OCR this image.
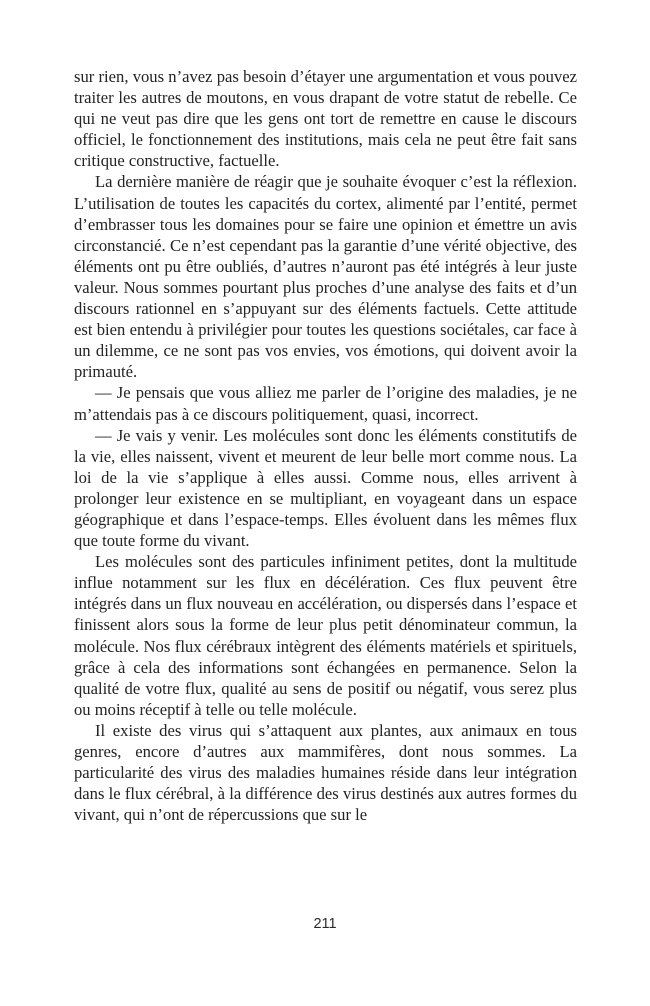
sur rien, vous n’avez pas besoin d’étayer une argumentation et vous pouvez traiter les autres de moutons, en vous drapant de votre statut de rebelle. Ce qui ne veut pas dire que les gens ont tort de remettre en cause le discours officiel, le fonctionnement des institutions, mais cela ne peut être fait sans critique constructive, factuelle.

La dernière manière de réagir que je souhaite évoquer c’est la réflexion. L’utilisation de toutes les capacités du cortex, alimenté par l’entité, permet d’embrasser tous les domaines pour se faire une opinion et émettre un avis circonstancié. Ce n’est cependant pas la garantie d’une vérité objective, des éléments ont pu être oubliés, d’autres n’auront pas été intégrés à leur juste valeur. Nous sommes pourtant plus proches d’une analyse des faits et d’un discours rationnel en s’appuyant sur des éléments factuels. Cette attitude est bien entendu à privilégier pour toutes les questions sociétales, car face à un dilemme, ce ne sont pas vos envies, vos émotions, qui doivent avoir la primauté.

— Je pensais que vous alliez me parler de l’origine des maladies, je ne m’attendais pas à ce discours politiquement, quasi, incorrect.

— Je vais y venir. Les molécules sont donc les éléments constitutifs de la vie, elles naissent, vivent et meurent de leur belle mort comme nous. La loi de la vie s’applique à elles aussi. Comme nous, elles arrivent à prolonger leur existence en se multipliant, en voyageant dans un espace géographique et dans l’espace-temps. Elles évoluent dans les mêmes flux que toute forme du vivant.

Les molécules sont des particules infiniment petites, dont la multitude influe notamment sur les flux en décélération. Ces flux peuvent être intégrés dans un flux nouveau en accélération, ou dispersés dans l’espace et finissent alors sous la forme de leur plus petit dénominateur commun, la molécule. Nos flux cérébraux intègrent des éléments matériels et spirituels, grâce à cela des informations sont échangées en permanence. Selon la qualité de votre flux, qualité au sens de positif ou négatif, vous serez plus ou moins réceptif à telle ou telle molécule.

Il existe des virus qui s’attaquent aux plantes, aux animaux en tous genres, encore d’autres aux mammifères, dont nous sommes. La particularité des virus des maladies humaines réside dans leur intégration dans le flux cérébral, à la différence des virus destinés aux autres formes du vivant, qui n’ont de répercussions que sur le

211
